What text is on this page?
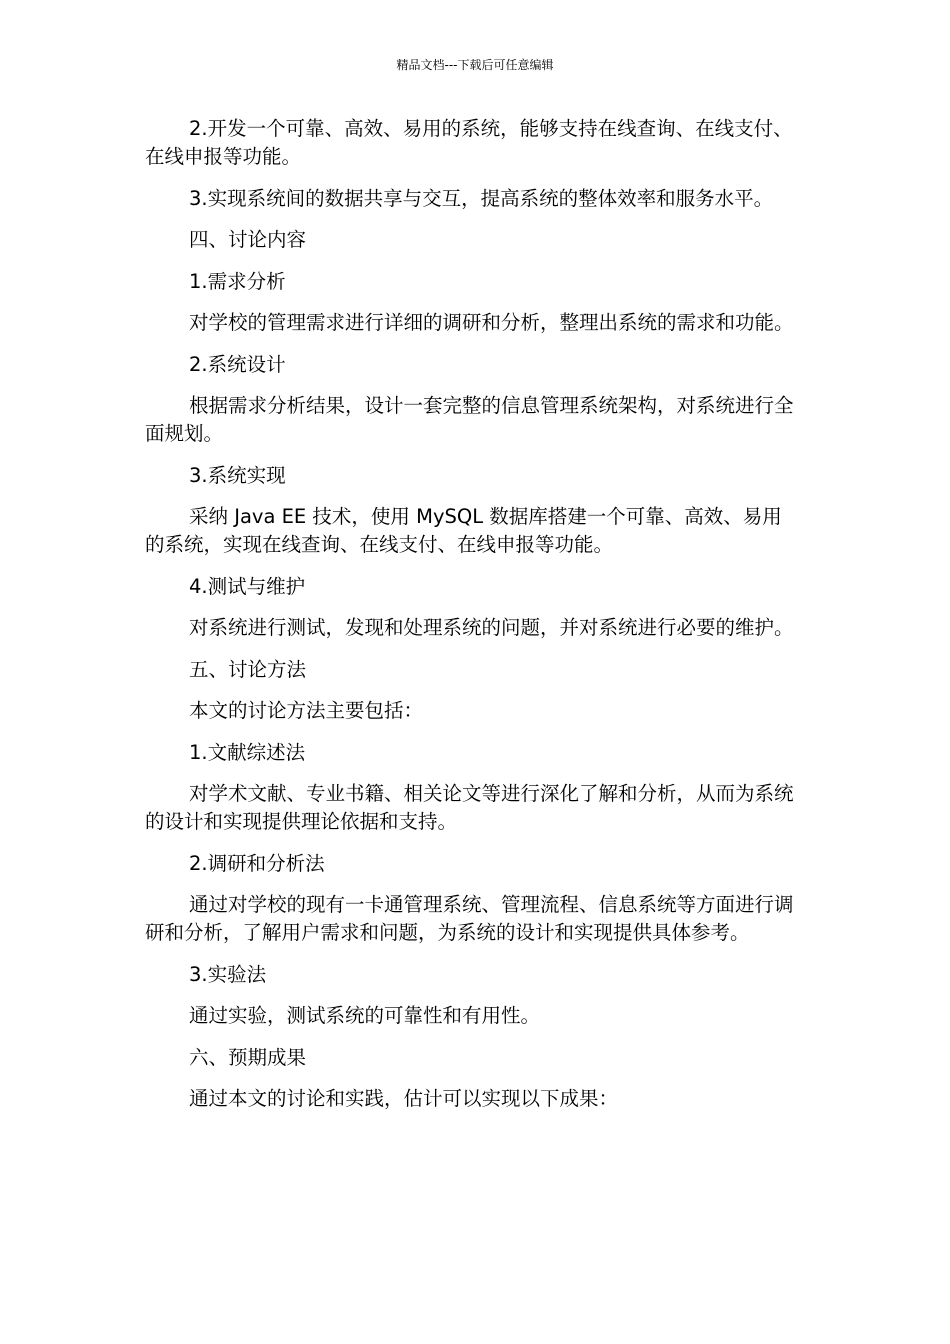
精品文档---下载后可任意编辑

2.开发一个可靠、高效、易用的系统，能够支持在线查询、在线支付、在线申报等功能。

3.实现系统间的数据共享与交互，提高系统的整体效率和服务水平。

四、讨论内容

1.需求分析

对学校的管理需求进行详细的调研和分析，整理出系统的需求和功能。

2.系统设计

根据需求分析结果，设计一套完整的信息管理系统架构，对系统进行全面规划。

3.系统实现

采纳 Java EE 技术，使用 MySQL 数据库搭建一个可靠、高效、易用的系统，实现在线查询、在线支付、在线申报等功能。

4.测试与维护

对系统进行测试，发现和处理系统的问题，并对系统进行必要的维护。

五、讨论方法

本文的讨论方法主要包括：

1.文献综述法

对学术文献、专业书籍、相关论文等进行深化了解和分析，从而为系统的设计和实现提供理论依据和支持。

2.调研和分析法

通过对学校的现有一卡通管理系统、管理流程、信息系统等方面进行调研和分析，了解用户需求和问题，为系统的设计和实现提供具体参考。

3.实验法

通过实验，测试系统的可靠性和有用性。

六、预期成果

通过本文的讨论和实践，估计可以实现以下成果：
